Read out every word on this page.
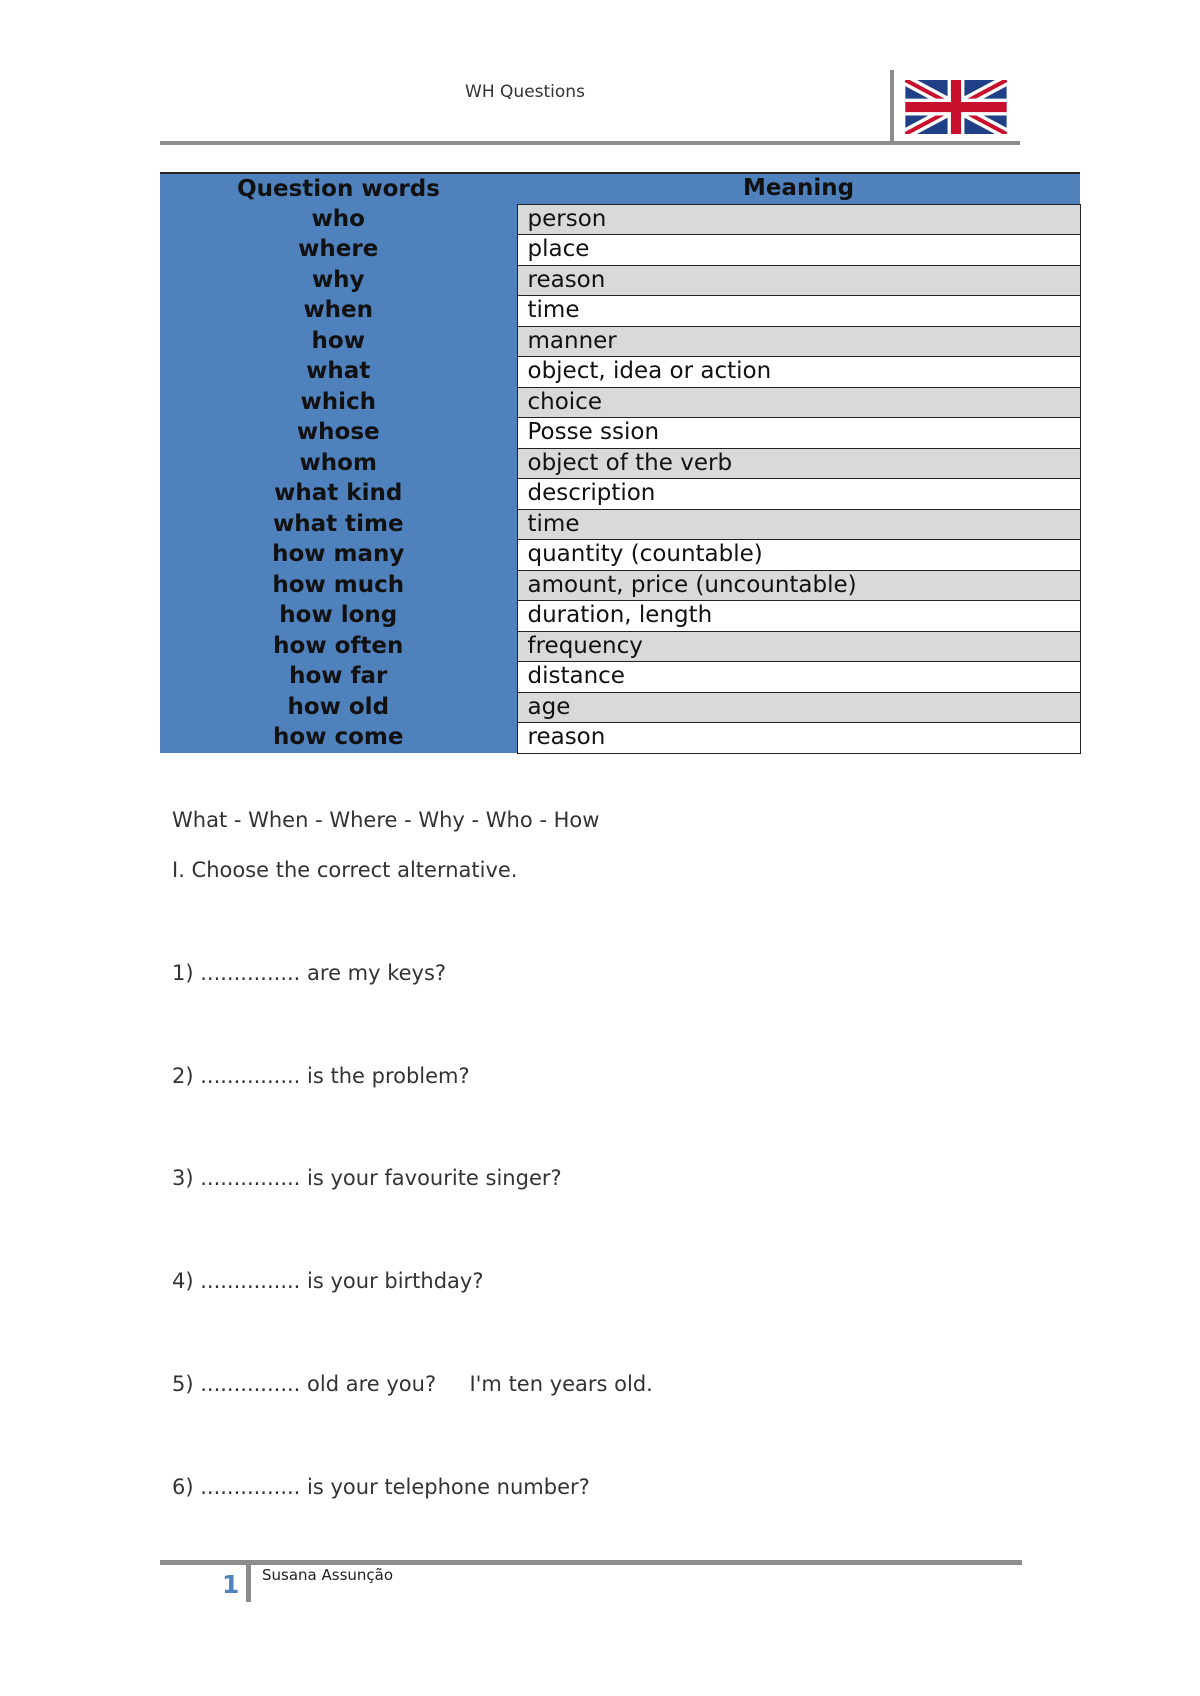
WH Questions
Question words	Meaning
who	person
where	place
why	reason
when	time
how	manner
what	object, idea or action
which	choice
whose	Posse ssion
whom	object of the verb
what kind	description
what time	time
how many	quantity (countable)
how much	amount, price (uncountable)
how long	duration, length
how often	frequency
how far	distance
how old	age
how come	reason
What - When - Where - Why - Who - How
I. Choose the correct alternative.
1) ............... are my keys?
2) ............... is the problem?
3) ............... is your favourite singer?
4) ............... is your birthday?
5) ............... old are you?     I'm ten years old.
6) ............... is your telephone number?
1 Susana Assunção
